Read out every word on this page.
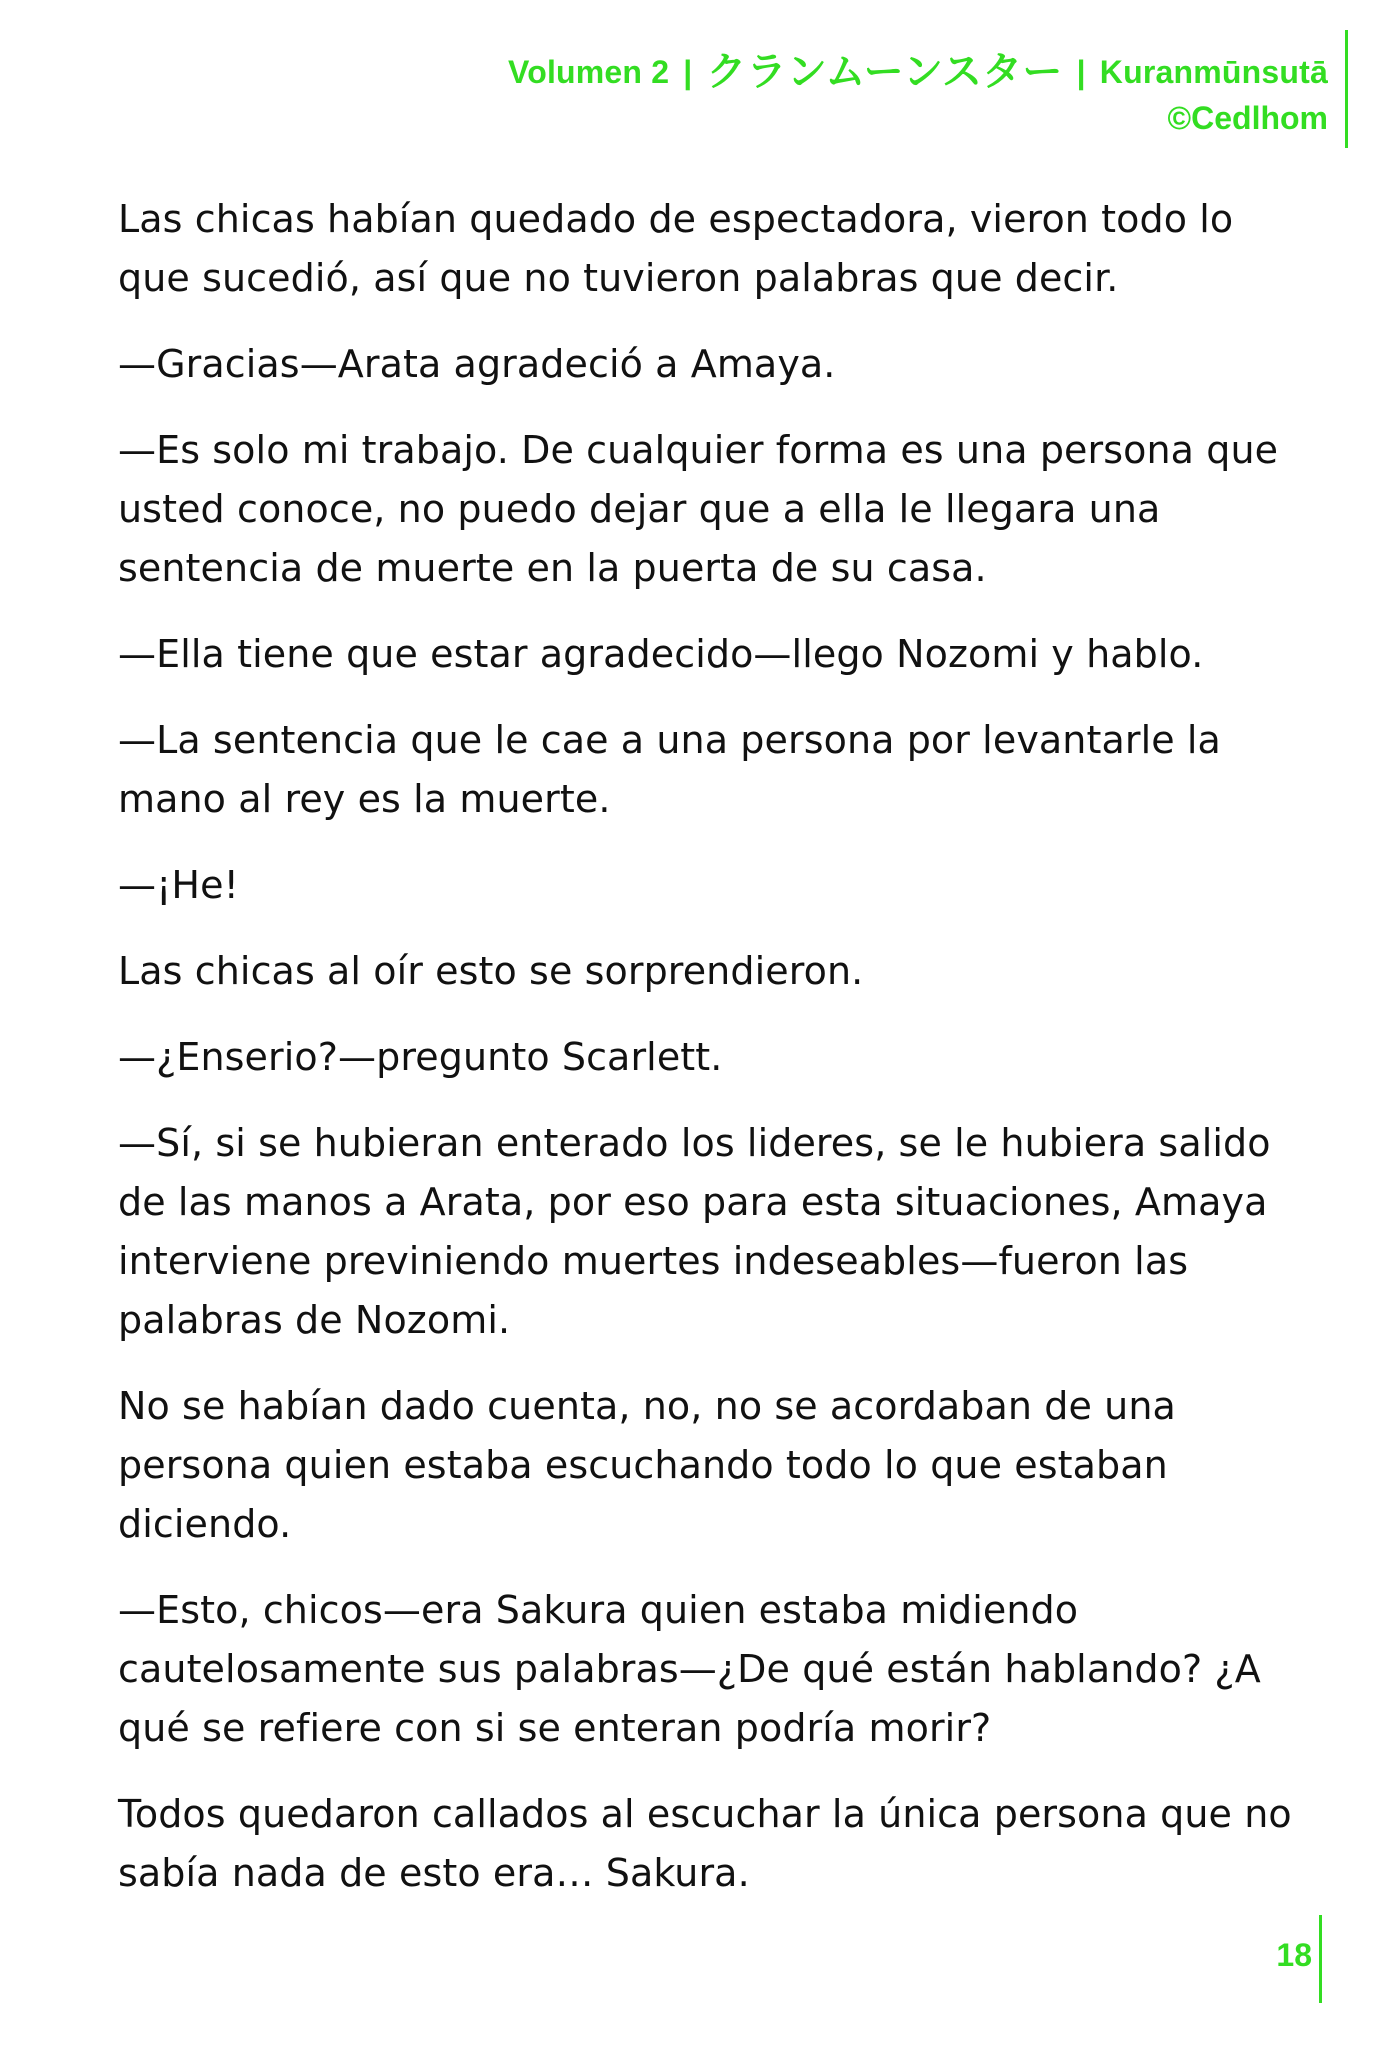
Volumen 2 | クランムーンスター | Kuranmūnsutā
©Cedlhom

Las chicas habían quedado de espectadora, vieron todo lo que sucedió, así que no tuvieron palabras que decir.

—Gracias—Arata agradeció a Amaya.

—Es solo mi trabajo. De cualquier forma es una persona que usted conoce, no puedo dejar que a ella le llegara una sentencia de muerte en la puerta de su casa.

—Ella tiene que estar agradecido—llego Nozomi y hablo.

—La sentencia que le cae a una persona por levantarle la mano al rey es la muerte.

—¡He!

Las chicas al oír esto se sorprendieron.

—¿Enserio?—pregunto Scarlett.

—Sí, si se hubieran enterado los lideres, se le hubiera salido de las manos a Arata, por eso para esta situaciones, Amaya interviene previniendo muertes indeseables—fueron las palabras de Nozomi.

No se habían dado cuenta, no, no se acordaban de una persona quien estaba escuchando todo lo que estaban diciendo.

—Esto, chicos—era Sakura quien estaba midiendo cautelosamente sus palabras—¿De qué están hablando? ¿A qué se refiere con si se enteran podría morir?

Todos quedaron callados al escuchar la única persona que no sabía nada de esto era… Sakura.

18
